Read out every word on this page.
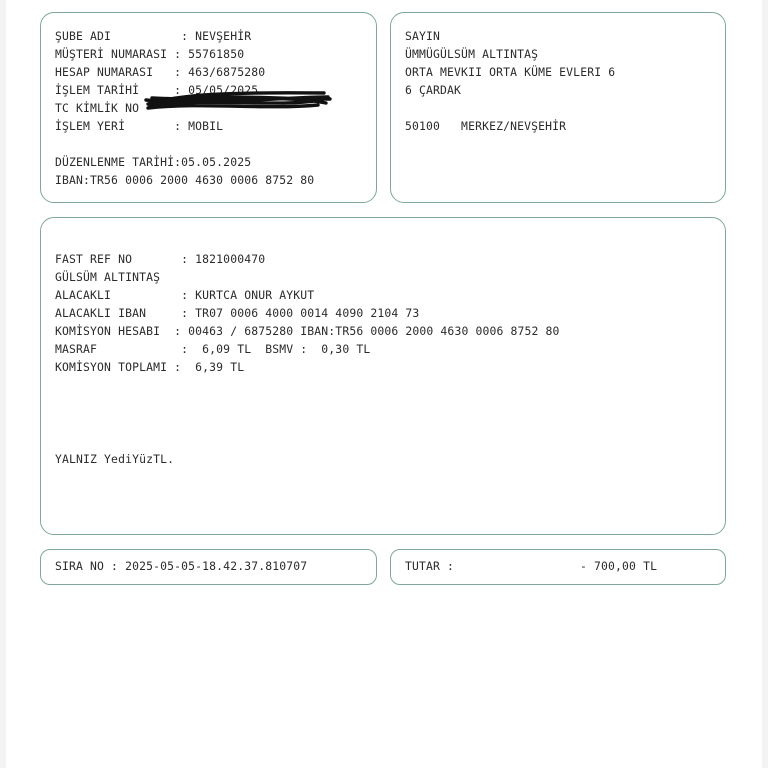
ŞUBE ADI          : NEVŞEHİR
MÜŞTERİ NUMARASI : 55761850
HESAP NUMARASI   : 463/6875280
İŞLEM TARİHİ     : 05/05/2025
TC KİMLİK NO
İŞLEM YERİ       : MOBIL
DÜZENLENME TARİHİ:05.05.2025
IBAN:TR56 0006 2000 4630 0006 8752 80
SAYIN
ÜMMÜGÜLSÜM ALTINTAŞ
ORTA MEVKII ORTA KÜME EVLERI 6
6 ÇARDAK
50100   MERKEZ/NEVŞEHİR
FAST REF NO       : 1821000470
GÜLSÜM ALTINTAŞ
ALACAKLI          : KURTCA ONUR AYKUT
ALACAKLI IBAN     : TR07 0006 4000 0014 4090 2104 73
KOMİSYON HESABI  : 00463 / 6875280 IBAN:TR56 0006 2000 4630 0006 8752 80
MASRAF            :  6,09 TL  BSMV :  0,30 TL
KOMİSYON TOPLAMI :  6,39 TL
YALNIZ YediYüzTL.
SIRA NO : 2025-05-05-18.42.37.810707	TUTAR :	- 700,00 TL
